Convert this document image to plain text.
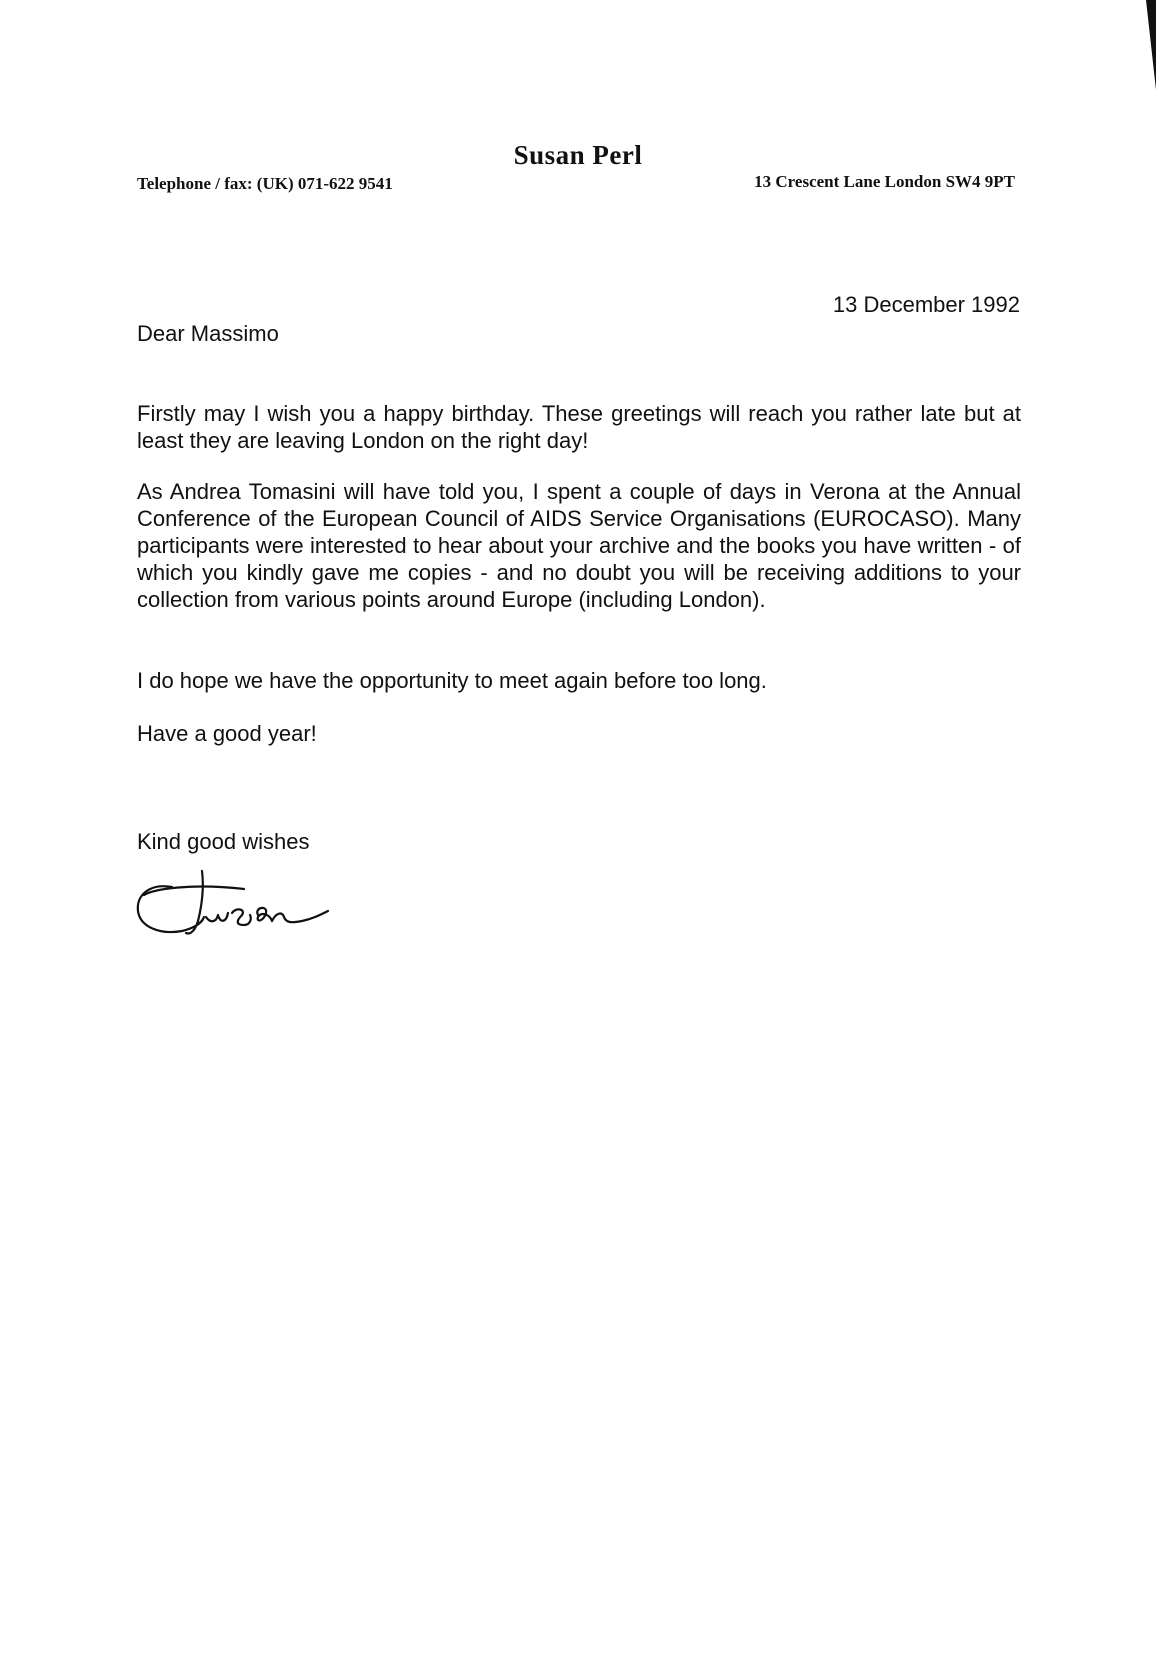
Susan Perl
Telephone / fax: (UK) 071-622 9541	13 Crescent Lane London SW4 9PT
13 December 1992
Dear Massimo

Firstly may I wish you a happy birthday. These greetings will reach you rather late but at least they are leaving London on the right day!

As Andrea Tomasini will have told you, I spent a couple of days in Verona at the Annual Conference of the European Council of AIDS Service Organisations (EUROCASO). Many participants were interested to hear about your archive and the books you have written - of which you kindly gave me copies - and no doubt you will be receiving additions to your collection from various points around Europe (including London).

I do hope we have the opportunity to meet again before too long.

Have a good year!

Kind good wishes
